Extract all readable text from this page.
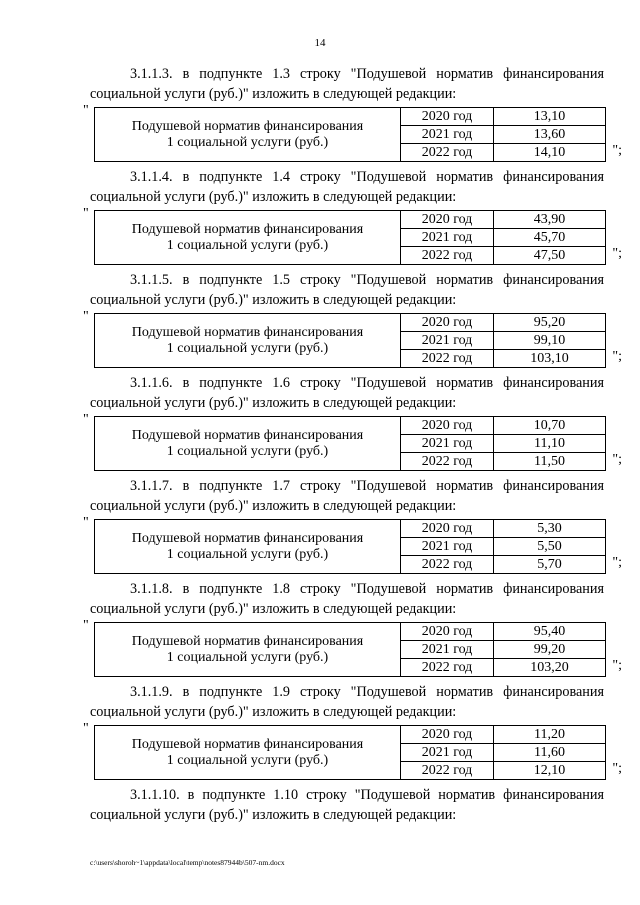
14
3.1.1.3. в подпункте 1.3 строку "Подушевой норматив финансирования
социальной услуги (руб.)" изложить в следующей редакции:
"
Подушевой норматив финансирования
1 социальной услуги (руб.)	2020 год	13,10
	2021 год	13,60
	2022 год	14,10	";
3.1.1.4. в подпункте 1.4 строку "Подушевой норматив финансирования
социальной услуги (руб.)" изложить в следующей редакции:
"
Подушевой норматив финансирования
1 социальной услуги (руб.)	2020 год	43,90
	2021 год	45,70
	2022 год	47,50	";
3.1.1.5. в подпункте 1.5 строку "Подушевой норматив финансирования
социальной услуги (руб.)" изложить в следующей редакции:
"
Подушевой норматив финансирования
1 социальной услуги (руб.)	2020 год	95,20
	2021 год	99,10
	2022 год	103,10	";
3.1.1.6. в подпункте 1.6 строку "Подушевой норматив финансирования
социальной услуги (руб.)" изложить в следующей редакции:
"
Подушевой норматив финансирования
1 социальной услуги (руб.)	2020 год	10,70
	2021 год	11,10
	2022 год	11,50	";
3.1.1.7. в подпункте 1.7 строку "Подушевой норматив финансирования
социальной услуги (руб.)" изложить в следующей редакции:
"
Подушевой норматив финансирования
1 социальной услуги (руб.)	2020 год	5,30
	2021 год	5,50
	2022 год	5,70	";
3.1.1.8. в подпункте 1.8 строку "Подушевой норматив финансирования
социальной услуги (руб.)" изложить в следующей редакции:
"
Подушевой норматив финансирования
1 социальной услуги (руб.)	2020 год	95,40
	2021 год	99,20
	2022 год	103,20	";
3.1.1.9. в подпункте 1.9 строку "Подушевой норматив финансирования
социальной услуги (руб.)" изложить в следующей редакции:
"
Подушевой норматив финансирования
1 социальной услуги (руб.)	2020 год	11,20
	2021 год	11,60
	2022 год	12,10	";
3.1.1.10. в подпункте 1.10 строку "Подушевой норматив финансирования
социальной услуги (руб.)" изложить в следующей редакции:
c:\users\shoroh~1\appdata\local\temp\notes87944b\507-nm.docx
